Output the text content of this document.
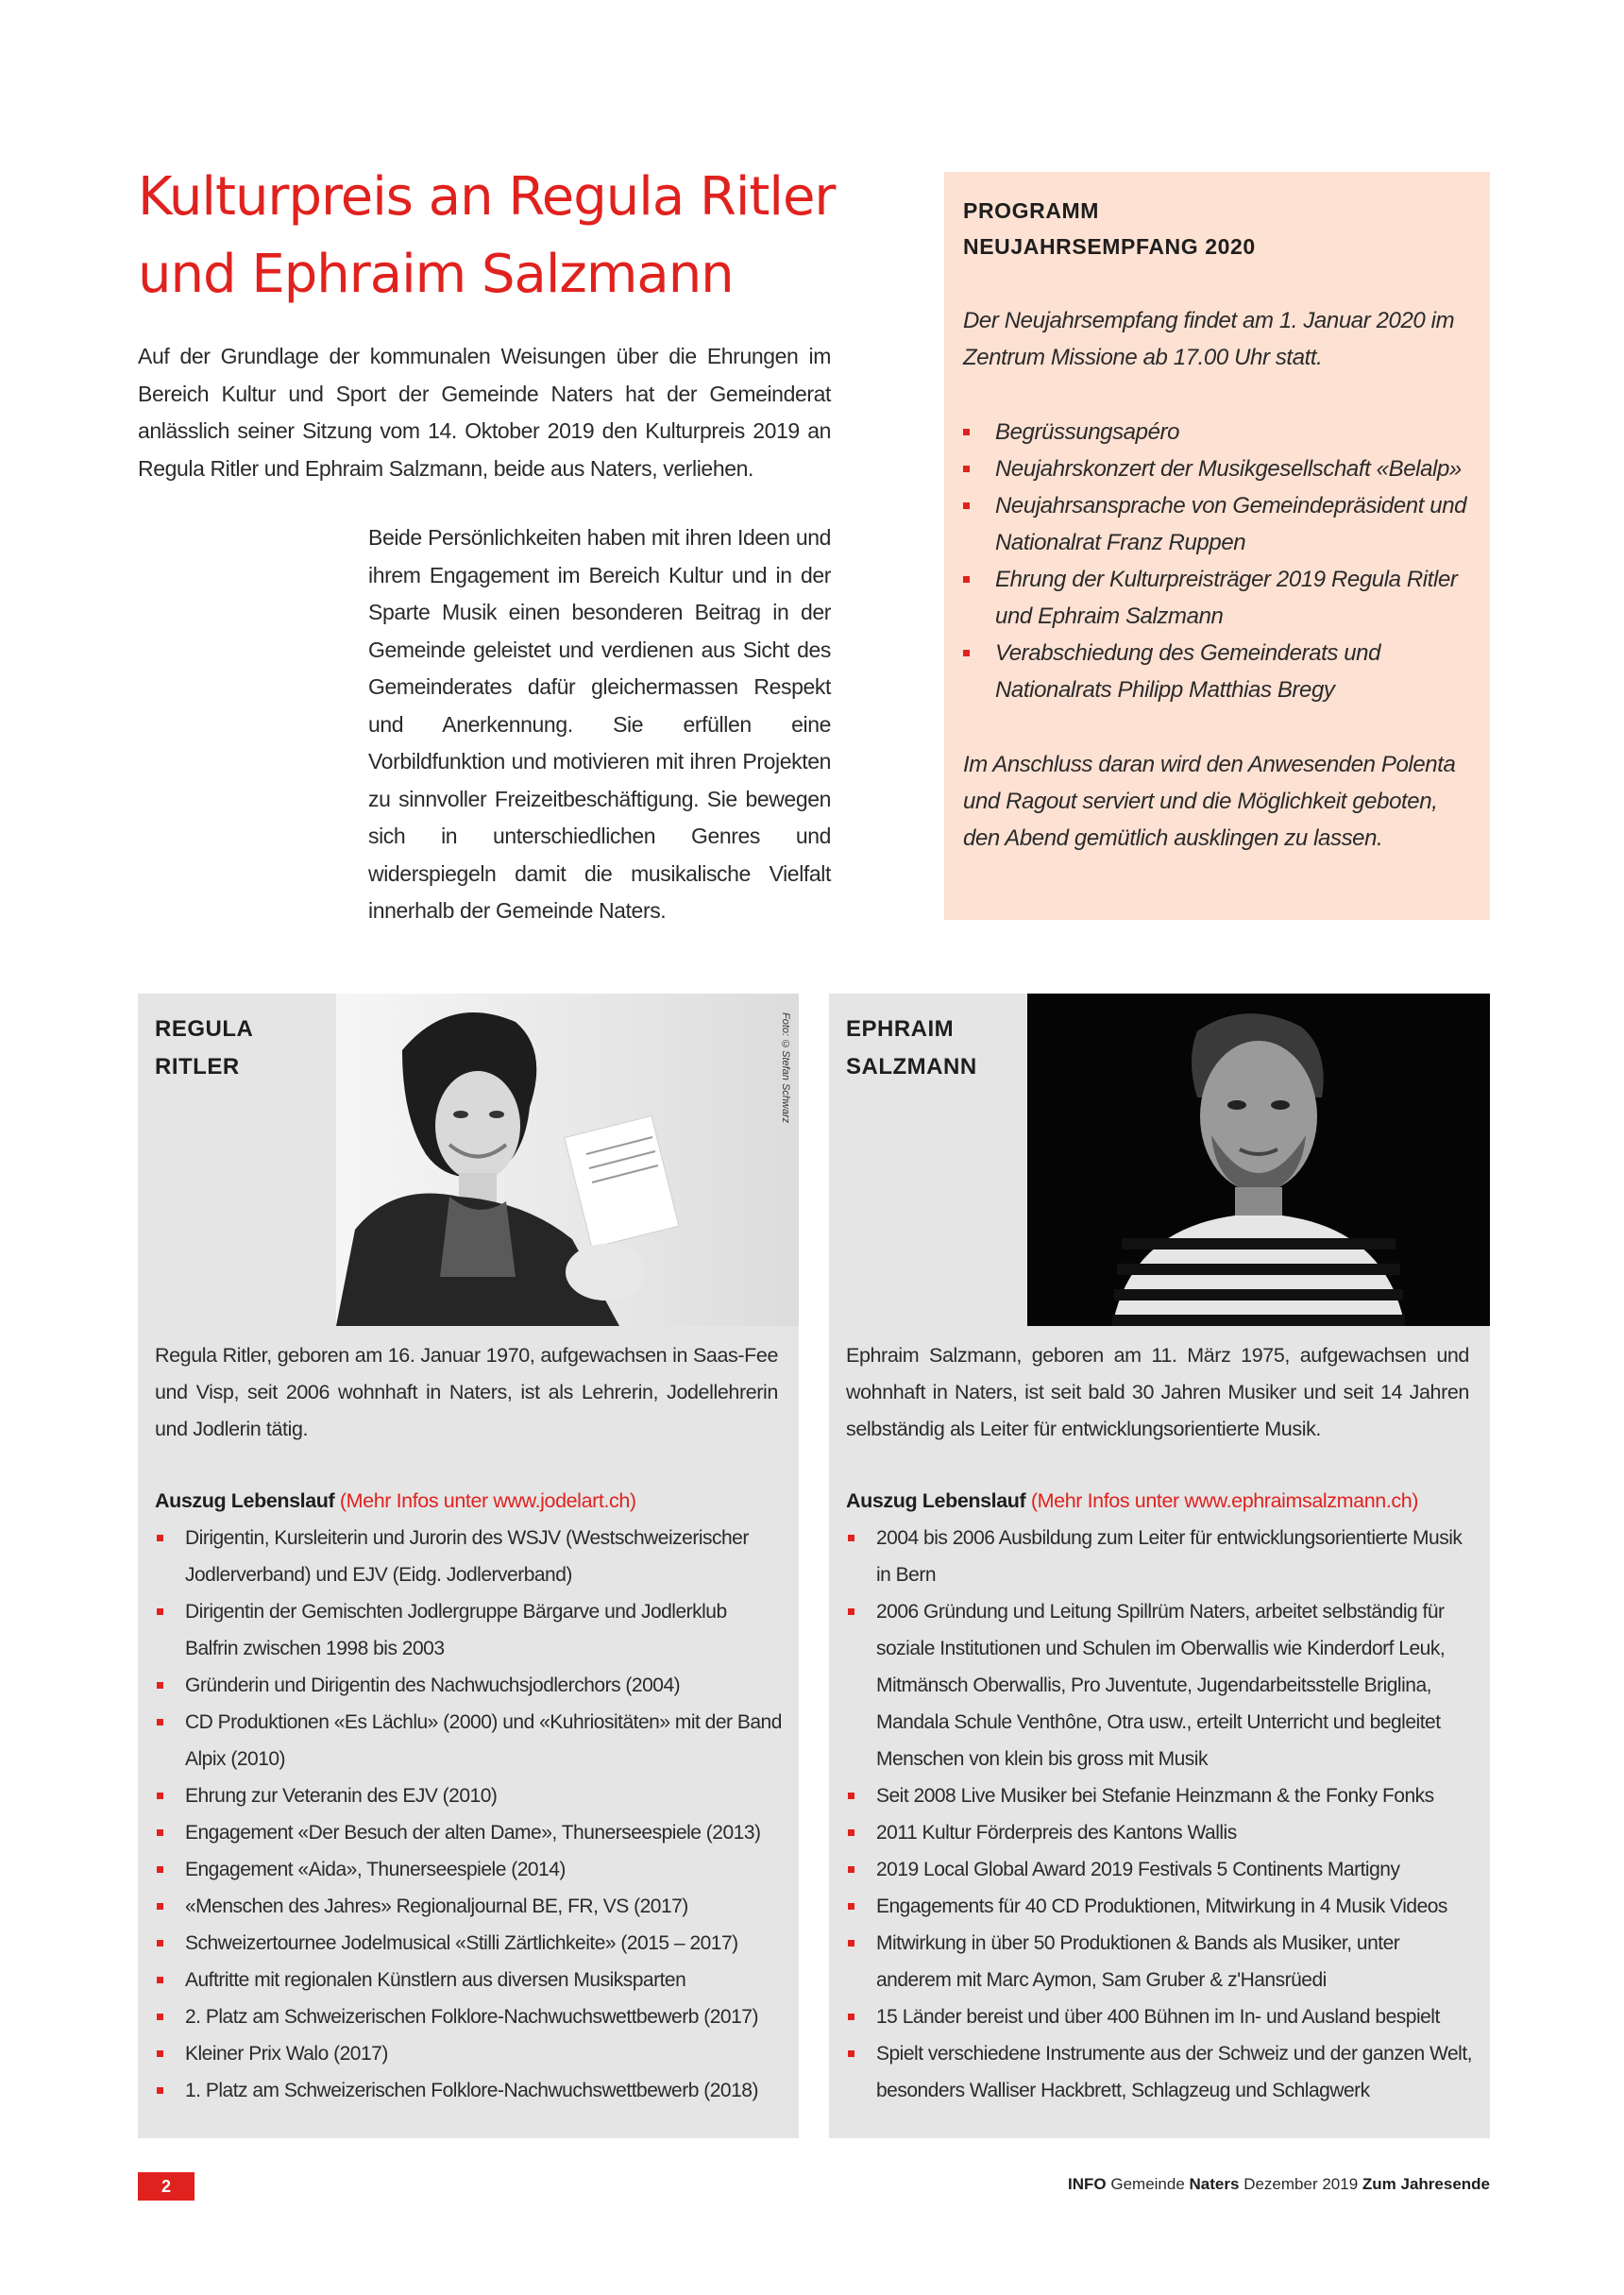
Kulturpreis an Regula Ritler
und Ephraim Salzmann
Auf der Grundlage der kommunalen Weisungen über die Ehrungen im Bereich Kultur und Sport der Gemeinde Naters hat der Gemeinderat anlässlich seiner Sitzung vom 14. Oktober 2019 den Kulturpreis 2019 an Regula Ritler und Ephraim Salzmann, beide aus Naters, verliehen.
Beide Persönlichkeiten haben mit ihren Ideen und ihrem Engagement im Bereich Kultur und in der Sparte Musik einen besonderen Beitrag in der Gemeinde geleistet und verdienen aus Sicht des Gemeinderates dafür gleichermassen Respekt und Anerkennung. Sie erfüllen eine Vorbildfunktion und motivieren mit ihren Projekten zu sinnvoller Freizeitbeschäftigung. Sie bewegen sich in unterschiedlichen Genres und widerspiegeln damit die musikalische Vielfalt innerhalb der Gemeinde Naters.
PROGRAMM
NEUJAHRSEMPFANG 2020
Der Neujahrsempfang findet am 1. Januar 2020 im Zentrum Missione ab 17.00 Uhr statt.
Begrüssungsapéro
Neujahrskonzert der Musikgesellschaft «Belalp»
Neujahrsansprache von Gemeindepräsident und Nationalrat Franz Ruppen
Ehrung der Kulturpreisträger 2019 Regula Ritler und Ephraim Salzmann
Verabschiedung des Gemeinderats und Nationalrats Philipp Matthias Bregy
Im Anschluss daran wird den Anwesenden Polenta und Ragout serviert und die Möglichkeit geboten, den Abend gemütlich ausklingen zu lassen.
REGULA
RITLER	Foto: ©Stefan Schwarz
Regula Ritler, geboren am 16. Januar 1970, aufgewachsen in Saas-Fee und Visp, seit 2006 wohnhaft in Naters, ist als Lehrerin, Jodellehrerin und Jodlerin tätig.
Auszug Lebenslauf (Mehr Infos unter www.jodelart.ch)
Dirigentin, Kursleiterin und Jurorin des WSJV (Westschweizerischer Jodlerverband) und EJV (Eidg. Jodlerverband)
Dirigentin der Gemischten Jodlergruppe Bärgarve und Jodlerklub Balfrin zwischen 1998 bis 2003
Gründerin und Dirigentin des Nachwuchsjodlerchors (2004)
CD Produktionen «Es Lächlu» (2000) und «Kuhriositäten» mit der Band Alpix (2010)
Ehrung zur Veteranin des EJV (2010)
Engagement «Der Besuch der alten Dame», Thunerseespiele (2013)
Engagement «Aida», Thunerseespiele (2014)
«Menschen des Jahres» Regionaljournal BE, FR, VS (2017)
Schweizertournee Jodelmusical «Stilli Zärtlichkeite» (2015 – 2017)
Auftritte mit regionalen Künstlern aus diversen Musiksparten
2. Platz am Schweizerischen Folklore-Nachwuchswettbewerb (2017)
Kleiner Prix Walo (2017)
1. Platz am Schweizerischen Folklore-Nachwuchswettbewerb (2018)
EPHRAIM
SALZMANN
Ephraim Salzmann, geboren am 11. März 1975, aufgewachsen und wohnhaft in Naters, ist seit bald 30 Jahren Musiker und seit 14 Jahren selbständig als Leiter für entwicklungsorientierte Musik.
Auszug Lebenslauf (Mehr Infos unter www.ephraimsalzmann.ch)
2004 bis 2006 Ausbildung zum Leiter für entwicklungsorientierte Musik in Bern
2006 Gründung und Leitung Spillrüm Naters, arbeitet selbständig für soziale Institutionen und Schulen im Oberwallis wie Kinderdorf Leuk, Mitmänsch Oberwallis, Pro Juventute, Jugendarbeitsstelle Briglina, Mandala Schule Venthône, Otra usw., erteilt Unterricht und begleitet Menschen von klein bis gross mit Musik
Seit 2008 Live Musiker bei Stefanie Heinzmann & the Fonky Fonks
2011 Kultur Förderpreis des Kantons Wallis
2019 Local Global Award 2019 Festivals 5 Continents Martigny
Engagements für 40 CD Produktionen, Mitwirkung in 4 Musik Videos
Mitwirkung in über 50 Produktionen & Bands als Musiker, unter anderem mit Marc Aymon, Sam Gruber & z'Hansrüedi
15 Länder bereist und über 400 Bühnen im In- und Ausland bespielt
Spielt verschiedene Instrumente aus der Schweiz und der ganzen Welt, besonders Walliser Hackbrett, Schlagzeug und Schlagwerk
2	INFO Gemeinde Naters Dezember 2019 Zum Jahresende
